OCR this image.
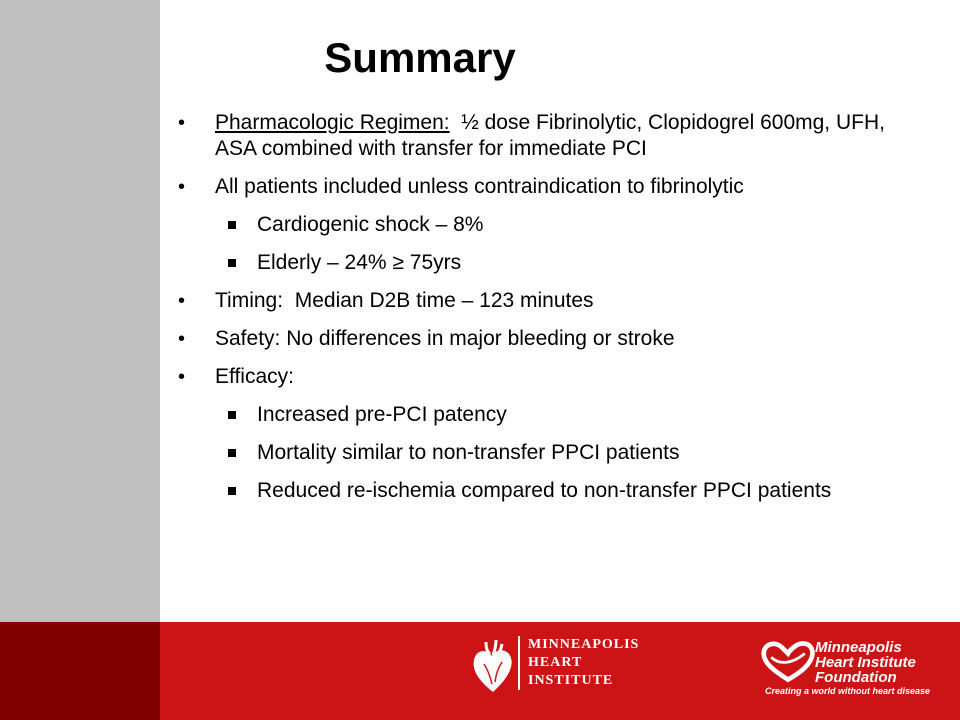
Summary
• Pharmacologic Regimen:  ½ dose Fibrinolytic, Clopidogrel 600mg, UFH, ASA combined with transfer for immediate PCI
• All patients included unless contraindication to fibrinolytic
Cardiogenic shock – 8%
Elderly – 24% ≥ 75yrs
• Timing:  Median D2B time – 123 minutes
• Safety: No differences in major bleeding or stroke
• Efficacy:
Increased pre-PCI patency
Mortality similar to non-transfer PPCI patients
Reduced re-ischemia compared to non-transfer PPCI patients
MINNEAPOLIS
HEART
INSTITUTE
Minneapolis
Heart Institute
Foundation
Creating a world without heart disease
